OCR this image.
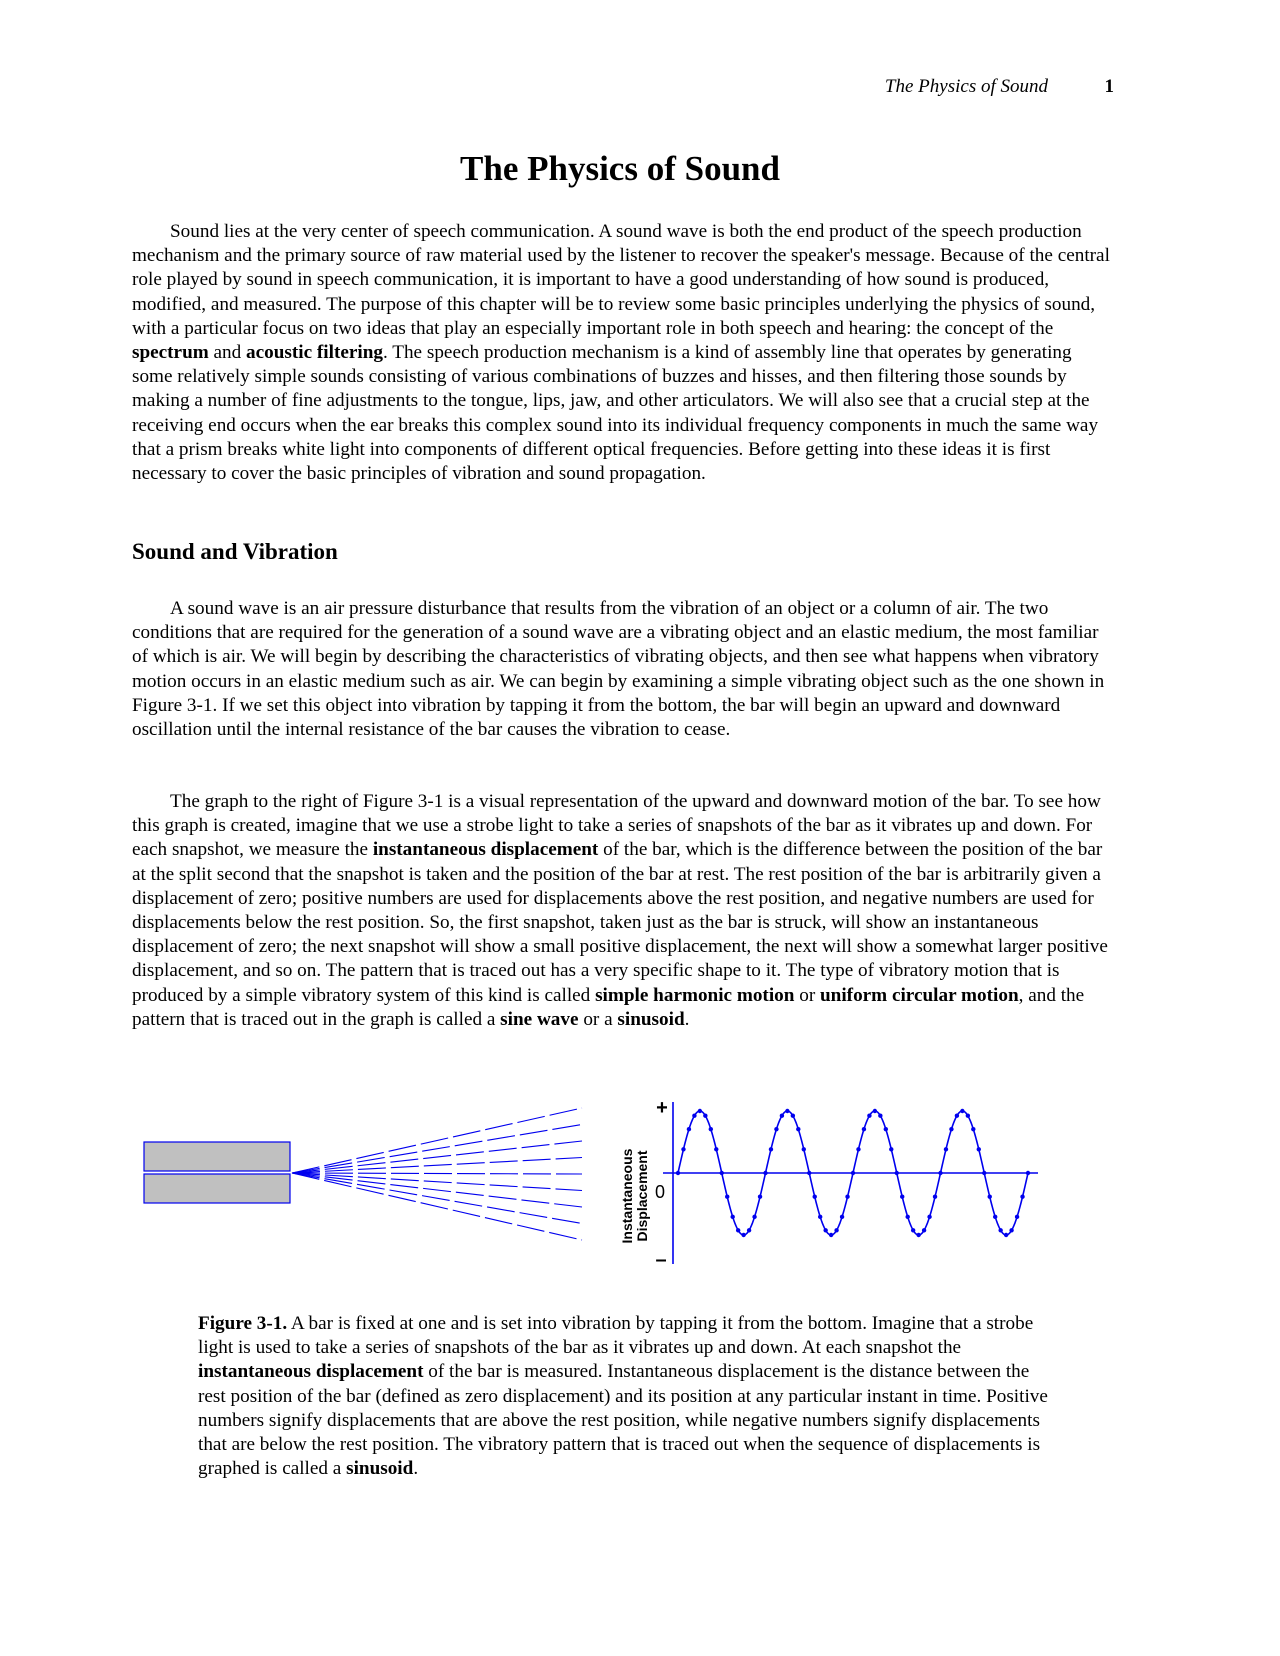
The Physics of Sound	1
The Physics of Sound

Sound lies at the very center of speech communication. A sound wave is both the end product of the speech production mechanism and the primary source of raw material used by the listener to recover the speaker's message. Because of the central role played by sound in speech communication, it is important to have a good understanding of how sound is produced, modified, and measured. The purpose of this chapter will be to review some basic principles underlying the physics of sound, with a particular focus on two ideas that play an especially important role in both speech and hearing: the concept of the spectrum and acoustic filtering. The speech production mechanism is a kind of assembly line that operates by generating some relatively simple sounds consisting of various combinations of buzzes and hisses, and then filtering those sounds by making a number of fine adjustments to the tongue, lips, jaw, and other articulators. We will also see that a crucial step at the receiving end occurs when the ear breaks this complex sound into its individual frequency components in much the same way that a prism breaks white light into components of different optical frequencies. Before getting into these ideas it is first necessary to cover the basic principles of vibration and sound propagation.

Sound and Vibration

A sound wave is an air pressure disturbance that results from the vibration of an object or a column of air. The two conditions that are required for the generation of a sound wave are a vibrating object and an elastic medium, the most familiar of which is air. We will begin by describing the characteristics of vibrating objects, and then see what happens when vibratory motion occurs in an elastic medium such as air. We can begin by examining a simple vibrating object such as the one shown in Figure 3-1. If we set this object into vibration by tapping it from the bottom, the bar will begin an upward and downward oscillation until the internal resistance of the bar causes the vibration to cease.

The graph to the right of Figure 3-1 is a visual representation of the upward and downward motion of the bar. To see how this graph is created, imagine that we use a strobe light to take a series of snapshots of the bar as it vibrates up and down. For each snapshot, we measure the instantaneous displacement of the bar, which is the difference between the position of the bar at the split second that the snapshot is taken and the position of the bar at rest. The rest position of the bar is arbitrarily given a displacement of zero; positive numbers are used for displacements above the rest position, and negative numbers are used for displacements below the rest position. So, the first snapshot, taken just as the bar is struck, will show an instantaneous displacement of zero; the next snapshot will show a small positive displacement, the next will show a somewhat larger positive displacement, and so on. The pattern that is traced out has a very specific shape to it. The type of vibratory motion that is produced by a simple vibratory system of this kind is called simple harmonic motion or uniform circular motion, and the pattern that is traced out in the graph is called a sine wave or a sinusoid.

Instantaneous Displacement
+
0
–

Figure 3-1. A bar is fixed at one and is set into vibration by tapping it from the bottom. Imagine that a strobe light is used to take a series of snapshots of the bar as it vibrates up and down. At each snapshot the instantaneous displacement of the bar is measured. Instantaneous displacement is the distance between the rest position of the bar (defined as zero displacement) and its position at any particular instant in time. Positive numbers signify displacements that are above the rest position, while negative numbers signify displacements that are below the rest position. The vibratory pattern that is traced out when the sequence of displacements is graphed is called a sinusoid.
